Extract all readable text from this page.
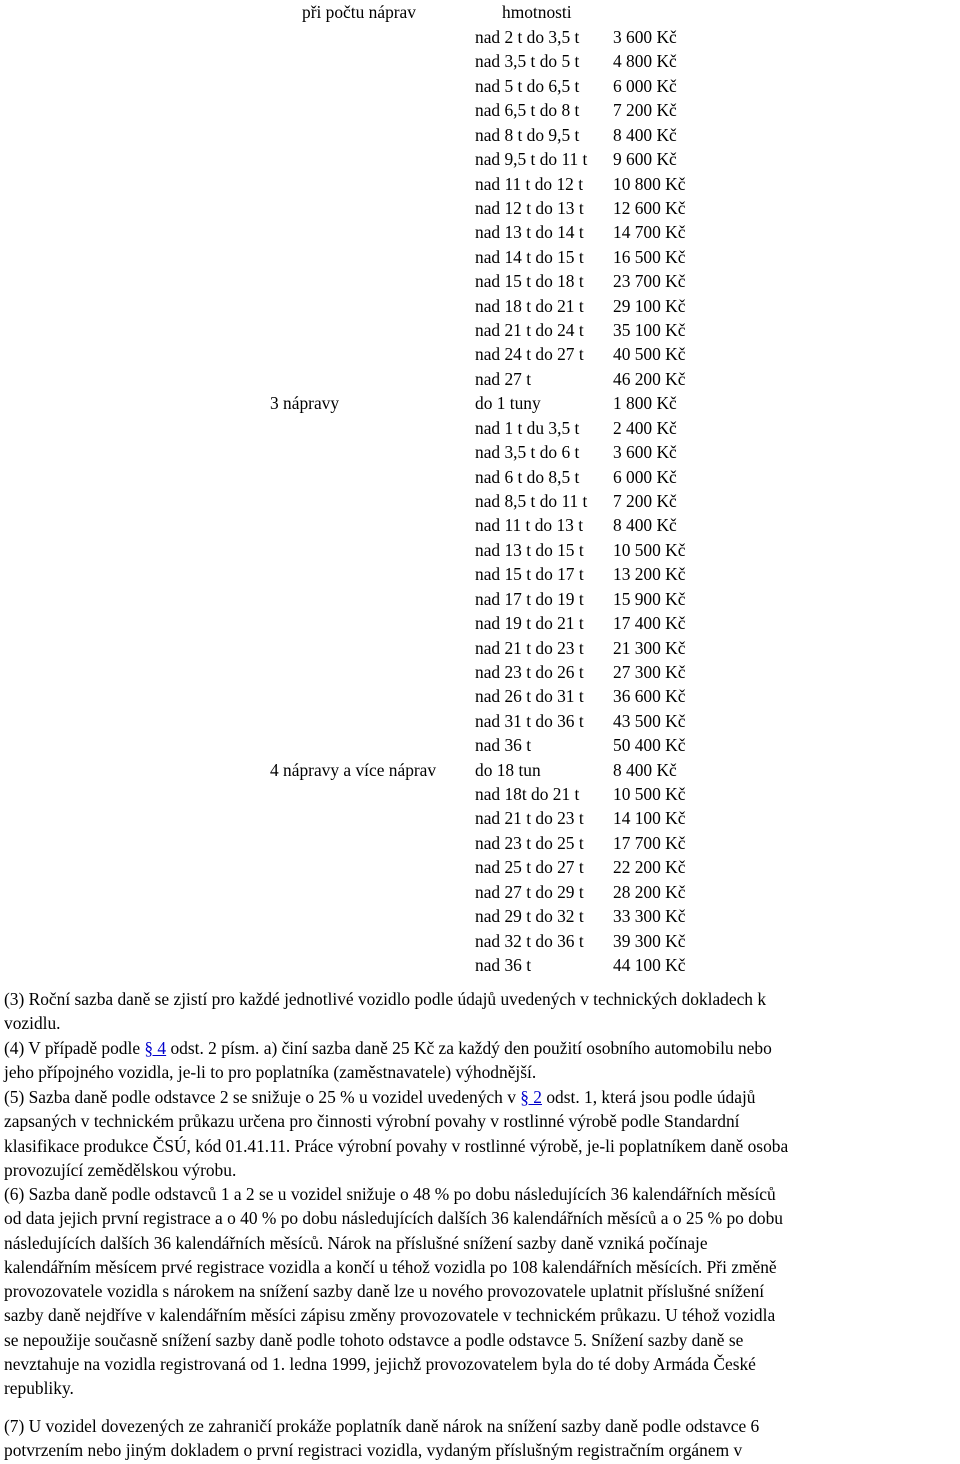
při počtu náprav	hmotnosti
nad 2 t do 3,5 t 3 600 Kč
nad 3,5 t do 5 t 4 800 Kč
nad 5 t do 6,5 t 6 000 Kč
nad 6,5 t do 8 t 7 200 Kč
nad 8 t do 9,5 t 8 400 Kč
nad 9,5 t do 11 t 9 600 Kč
nad 11 t do 12 t 10 800 Kč
nad 12 t do 13 t 12 600 Kč
nad 13 t do 14 t 14 700 Kč
nad 14 t do 15 t 16 500 Kč
nad 15 t do 18 t 23 700 Kč
nad 18 t do 21 t 29 100 Kč
nad 21 t do 24 t 35 100 Kč
nad 24 t do 27 t 40 500 Kč
nad 27 t	46 200 Kč
3 nápravy	do 1 tuny	1 800 Kč
nad 1 t du 3,5 t 2 400 Kč
nad 3,5 t do 6 t 3 600 Kč
nad 6 t do 8,5 t 6 000 Kč
nad 8,5 t do 11 t 7 200 Kč
nad 11 t do 13 t 8 400 Kč
nad 13 t do 15 t 10 500 Kč
nad 15 t do 17 t 13 200 Kč
nad 17 t do 19 t 15 900 Kč
nad 19 t do 21 t 17 400 Kč
nad 21 t do 23 t 21 300 Kč
nad 23 t do 26 t 27 300 Kč
nad 26 t do 31 t 36 600 Kč
nad 31 t do 36 t 43 500 Kč
nad 36 t	50 400 Kč
4 nápravy a více náprav do 18 tun	8 400 Kč
nad 18t do 21 t 10 500 Kč
nad 21 t do 23 t 14 100 Kč
nad 23 t do 25 t 17 700 Kč
nad 25 t do 27 t 22 200 Kč
nad 27 t do 29 t 28 200 Kč
nad 29 t do 32 t 33 300 Kč
nad 32 t do 36 t 39 300 Kč
nad 36 t	44 100 Kč
(3) Roční sazba daně se zjistí pro každé jednotlivé vozidlo podle údajů uvedených v technických dokladech k
vozidlu.
(4) V případě podle § 4 odst. 2 písm. a) činí sazba daně 25 Kč za každý den použití osobního automobilu nebo
jeho přípojného vozidla, je-li to pro poplatníka (zaměstnavatele) výhodnější.
(5) Sazba daně podle odstavce 2 se snižuje o 25 % u vozidel uvedených v § 2 odst. 1, která jsou podle údajů
zapsaných v technickém průkazu určena pro činnosti výrobní povahy v rostlinné výrobě podle Standardní
klasifikace produkce ČSÚ, kód 01.41.11. Práce výrobní povahy v rostlinné výrobě, je-li poplatníkem daně osoba
provozující zemědělskou výrobu.
(6) Sazba daně podle odstavců 1 a 2 se u vozidel snižuje o 48 % po dobu následujících 36 kalendářních měsíců
od data jejich první registrace a o 40 % po dobu následujících dalších 36 kalendářních měsíců a o 25 % po dobu
následujících dalších 36 kalendářních měsíců. Nárok na příslušné snížení sazby daně vzniká počínaje
kalendářním měsícem prvé registrace vozidla a končí u téhož vozidla po 108 kalendářních měsících. Při změně
provozovatele vozidla s nárokem na snížení sazby daně lze u nového provozovatele uplatnit příslušné snížení
sazby daně nejdříve v kalendářním měsíci zápisu změny provozovatele v technickém průkazu. U téhož vozidla
se nepoužije současně snížení sazby daně podle tohoto odstavce a podle odstavce 5. Snížení sazby daně se
nevztahuje na vozidla registrovaná od 1. ledna 1999, jejichž provozovatelem byla do té doby Armáda České
republiky.
(7) U vozidel dovezených ze zahraničí prokáže poplatník daně nárok na snížení sazby daně podle odstavce 6
potvrzením nebo jiným dokladem o první registraci vozidla, vydaným příslušným registračním orgánem v
